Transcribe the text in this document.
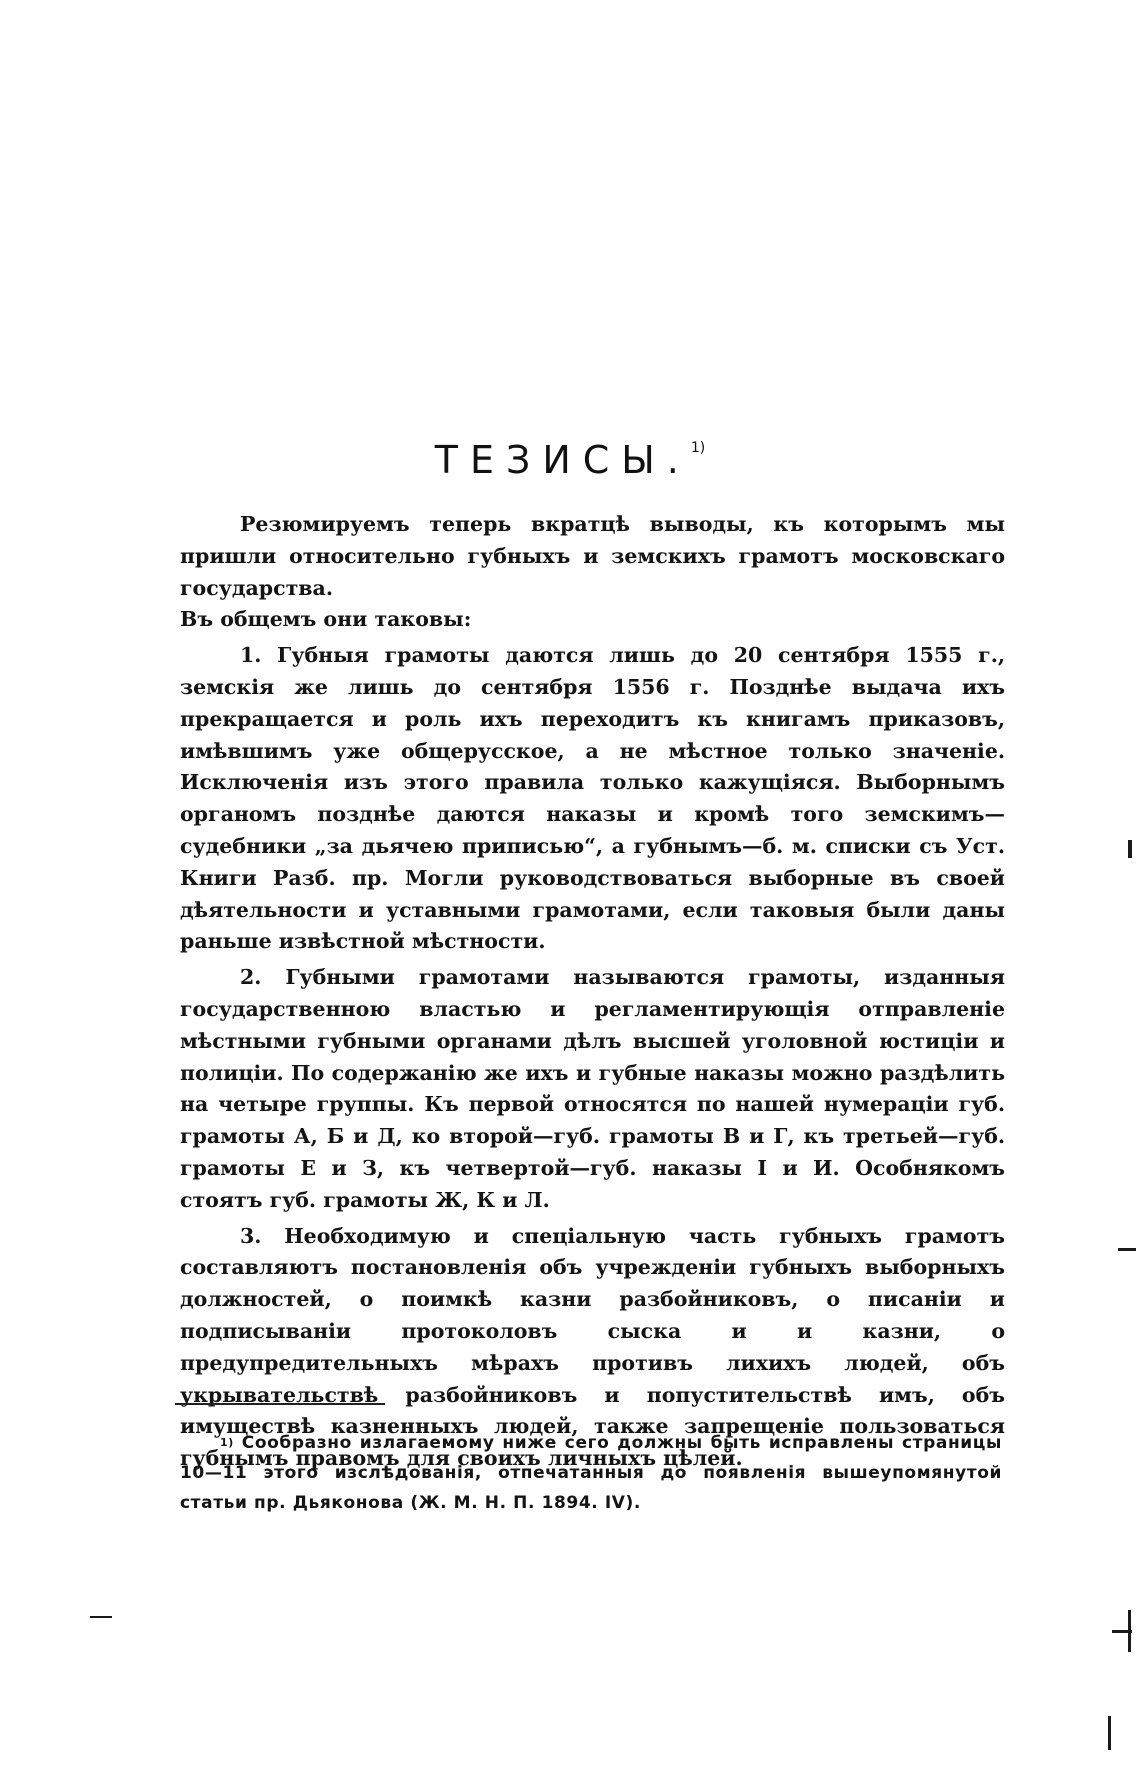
ТЕЗИСЫ.$^{1)}$

Резюмируемъ теперь вкратцѣ выводы, къ которымъ мы пришли относительно губныхъ и земскихъ грамотъ московскаго государства.

Въ общемъ они таковы:

1. Губныя грамоты даются лишь до 20 сентября 1555 г., земскія же лишь до сентября 1556 г. Позднѣе выдача ихъ прекращается и роль ихъ переходитъ къ книгамъ приказовъ, имѣвшимъ уже общерусское, а не мѣстное только значеніе. Исключенія изъ этого правила только кажущіяся. Выборнымъ органомъ позднѣе даются наказы и кромѣ того земскимъ—судебники „за дьячею приписью“, а губнымъ—б. м. списки съ Уст. Книги Разб. пр. Могли руководствоваться выборные въ своей дѣятельности и уставными грамотами, если таковыя были даны раньше извѣстной мѣстности.

2. Губными грамотами называются грамоты, изданныя государственною властью и регламентирующія отправленіе мѣстными губными органами дѣлъ высшей уголовной юстиціи и полиціи. По содержанію же ихъ и губные наказы можно раздѣлить на четыре группы. Къ первой относятся по нашей нумераціи губ. грамоты А, Б и Д, ко второй—губ. грамоты В и Г, къ третьей—губ. грамоты Е и З, къ четвертой—губ. наказы I и И. Особнякомъ стоятъ губ. грамоты Ж, К и Л.

3. Необходимую и спеціальную часть губныхъ грамотъ составляютъ постановленія объ учрежденіи губныхъ выборныхъ должностей, о поимкѣ казни разбойниковъ, о писаніи и подписываніи протоколовъ сыска и и казни, о предупредительныхъ мѣрахъ противъ лихихъ людей, объ укрывательствѣ разбойниковъ и попустительствѣ имъ, объ имуществѣ казненныхъ людей, также запрещеніе пользоваться губнымъ правомъ для своихъ личныхъ цѣлей.

$^{1)}$ Сообразно излагаемому ниже сего должны быть исправлены страницы 10—11 этого изслѣдованія, отпечатанныя до появленія вышеупомянутой статьи пр. Дьяконова (Ж. М. Н. П. 1894. IV).
